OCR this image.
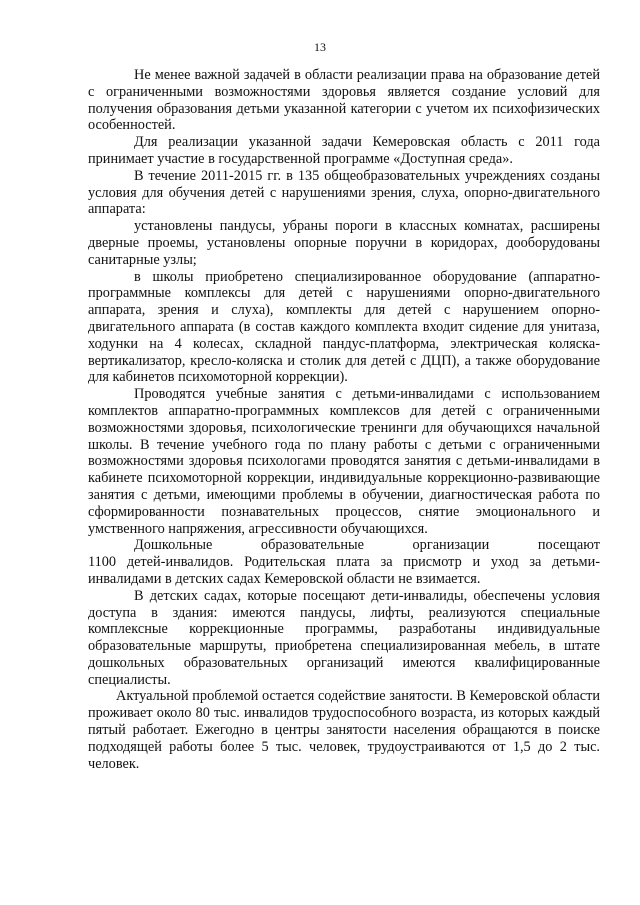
13

Не менее важной задачей в области реализации права на образование детей с ограниченными возможностями здоровья является создание условий для получения образования детьми указанной категории с учетом их психофизических особенностей.

Для реализации указанной задачи Кемеровская область с 2011 года принимает участие в государственной программе «Доступная среда».

В течение 2011-2015 гг. в 135 общеобразовательных учреждениях созданы условия для обучения детей с нарушениями зрения, слуха, опорно-двигательного аппарата:

установлены пандусы, убраны пороги в классных комнатах, расширены дверные проемы, установлены опорные поручни в коридорах, дооборудованы санитарные узлы;

в школы приобретено специализированное оборудование (аппаратно-программные комплексы для детей с нарушениями опорно-двигательного аппарата, зрения и слуха), комплекты для детей с нарушением опорно-двигательного аппарата (в состав каждого комплекта входит сидение для унитаза, ходунки на 4 колесах, складной пандус-платформа, электрическая коляска-вертикализатор, кресло-коляска и столик для детей с ДЦП), а также оборудование для кабинетов психомоторной коррекции).

Проводятся учебные занятия с детьми-инвалидами с использованием комплектов аппаратно-программных комплексов для детей с ограниченными возможностями здоровья, психологические тренинги для обучающихся начальной школы. В течение учебного года по плану работы с детьми с ограниченными возможностями здоровья психологами проводятся занятия с детьми-инвалидами в кабинете психомоторной коррекции, индивидуальные коррекционно-развивающие занятия с детьми, имеющими проблемы в обучении, диагностическая работа по сформированности познавательных процессов, снятие эмоционального и умственного напряжения, агрессивности обучающихся.

Дошкольные образовательные организации посещают

1100 детей-инвалидов. Родительская плата за присмотр и уход за детьми-инвалидами в детских садах Кемеровской области не взимается.

В детских садах, которые посещают дети-инвалиды, обеспечены условия доступа в здания: имеются пандусы, лифты, реализуются специальные комплексные коррекционные программы, разработаны индивидуальные образовательные маршруты, приобретена специализированная мебель, в штате дошкольных образовательных организаций имеются квалифицированные специалисты.

Актуальной проблемой остается содействие занятости. В Кемеровской области проживает около 80 тыс. инвалидов трудоспособного возраста, из которых каждый пятый работает. Ежегодно в центры занятости населения обращаются в поиске подходящей работы более 5 тыс. человек, трудоустраиваются от 1,5 до 2 тыс. человек.
